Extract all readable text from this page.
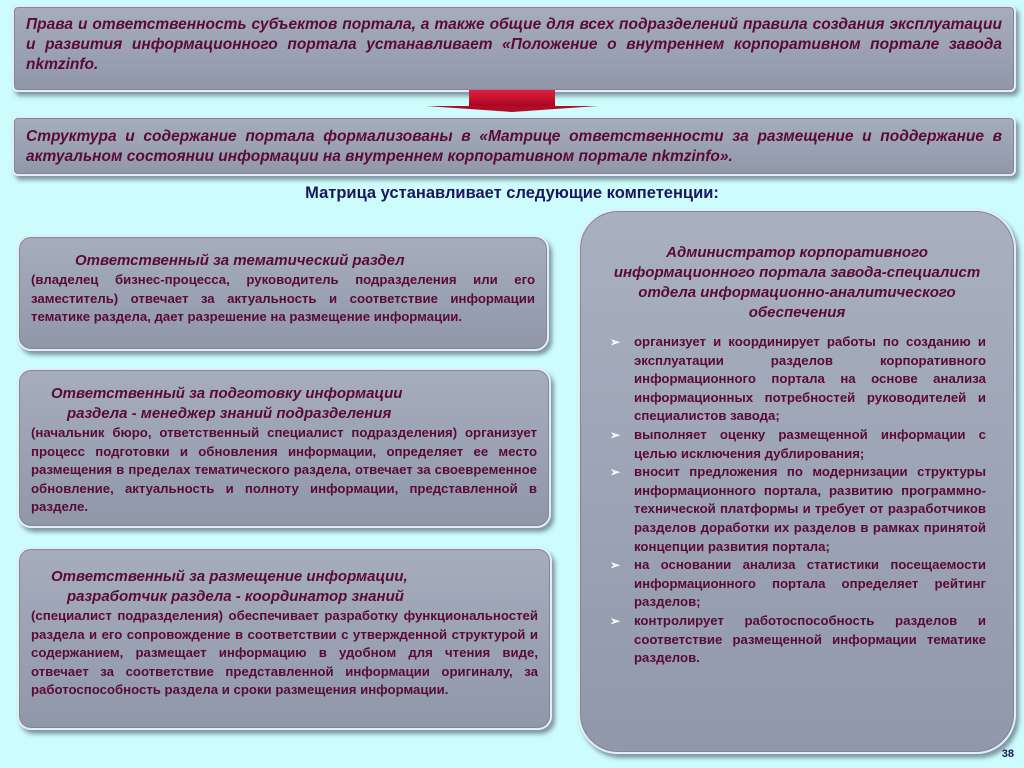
Права и ответственность субъектов портала, а также общие для всех подразделений правила создания эксплуатации и развития информационного портала устанавливает «Положение о внутреннем корпоративном портале завода nkmzinfo.

Структура и содержание портала формализованы в «Матрице ответственности за размещение и поддержание в актуальном состоянии информации на внутреннем корпоративном портале nkmzinfo».

Матрица устанавливает следующие компетенции:
Ответственный за тематический раздел
(владелец бизнес-процесса, руководитель подразделения или его заместитель) отвечает за актуальность и соответствие информации тематике раздела, дает разрешение на размещение информации.
Ответственный за подготовку информации
раздела - менеджер знаний подразделения
(начальник бюро, ответственный специалист подразделения) организует процесс подготовки и обновления информации, определяет ее место размещения в пределах тематического раздела, отвечает за своевременное обновление, актуальность и полноту информации, представленной в разделе.
Ответственный за размещение информации,
разработчик раздела - координатор знаний
(специалист подразделения) обеспечивает разработку функциональностей раздела и его сопровождение в соответствии с утвержденной структурой и содержанием, размещает информацию в удобном для чтения виде, отвечает за соответствие представленной информации оригиналу, за работоспособность раздела и сроки размещения информации.
Администратор корпоративного информационного портала завода-специалист отдела информационно-аналитического обеспечения
➢ организует и координирует работы по созданию и эксплуатации разделов корпоративного информационного портала на основе анализа информационных потребностей руководителей и специалистов завода;
➢ выполняет оценку размещенной информации с целью исключения дублирования;
➢ вносит предложения по модернизации структуры информационного портала, развитию программно-технической платформы и требует от разработчиков разделов доработки их разделов в рамках принятой концепции развития портала;
➢ на основании анализа статистики посещаемости информационного портала определяет рейтинг разделов;
➢ контролирует работоспособность разделов и соответствие размещенной информации тематике разделов.
38
